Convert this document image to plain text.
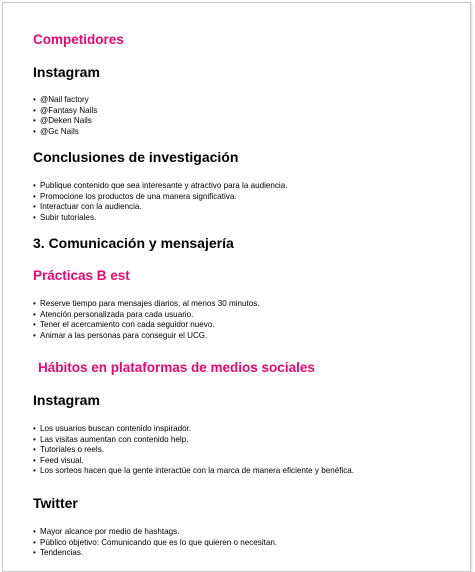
Competidores
Instagram
• @Nail factory
• @Fantasy Nails
• @Deken Nails
• @Gc Nails
Conclusiones de investigación
• Publique contenido que sea interesante y atractivo para la audiencia.
• Promocione los productos de una manera significativa.
• Interactuar con la audiencia.
• Subir tutoriales.
3. Comunicación y mensajería
Prácticas B est
• Reserve tiempo para mensajes diarios, al menos 30 minutos.
• Atención personalizada para cada usuario.
• Tener el acercamiento con cada seguidor nuevo.
• Animar a las personas para conseguir el UCG.
Hábitos en plataformas de medios sociales
Instagram
• Los usuarios buscan contenido inspirador.
• Las visitas aumentan con contenido help.
• Tutoriales o reels.
• Feed visual.
• Los sorteos hacen que la gente interactúe con la marca de manera eficiente y benéfica.
Twitter
• Mayor alcance por medio de hashtags.
• Público objetivo: Comunicando que es lo que quieren o necesitan.
• Tendencias.
